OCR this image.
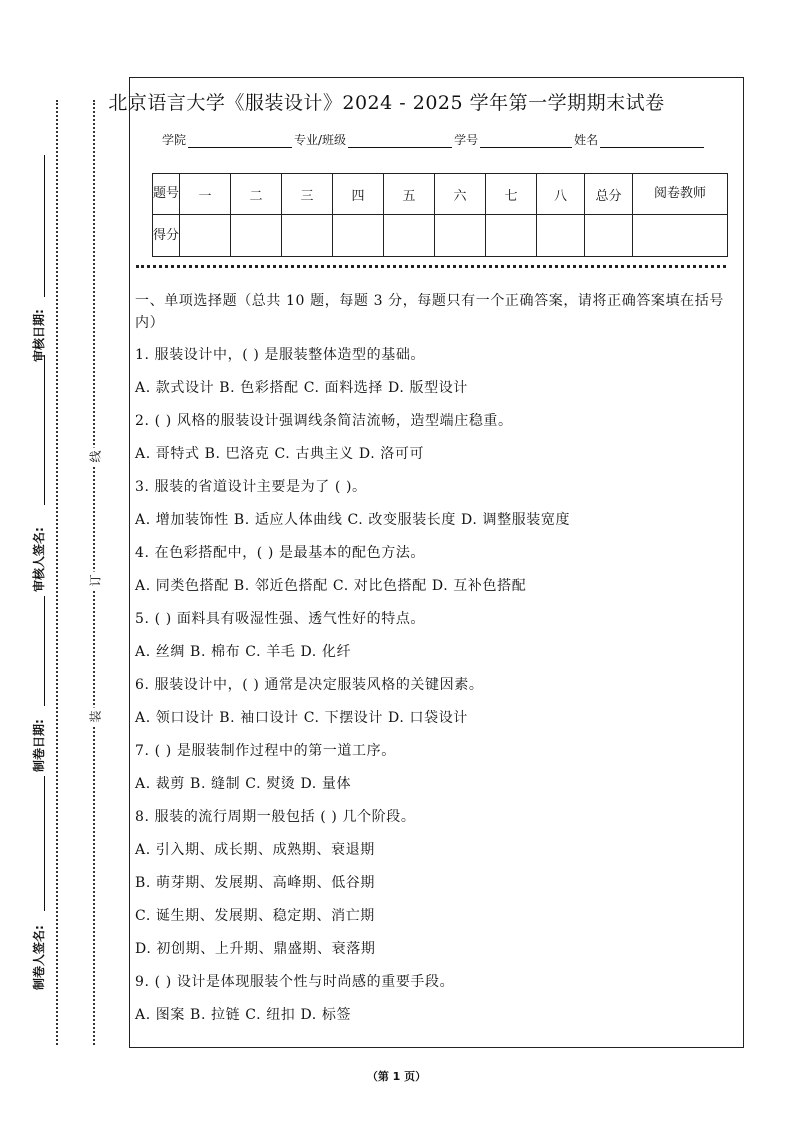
审核日期:
审核人签名:
制卷日期:
制卷人签名:
线
订
装
北京语言大学《服装设计》2024 - 2025 学年第一学期期末试卷
学院	专业/班级	学号	姓名
题号	一	二	三	四	五	六	七	八	总分	阅卷教师
得分										

一、单项选择题（总共 10 题，每题 3 分，每题只有一个正确答案，请将正确答案填在括号内）

1. 服装设计中，( ) 是服装整体造型的基础。

A. 款式设计 B. 色彩搭配 C. 面料选择 D. 版型设计

2. ( ) 风格的服装设计强调线条简洁流畅，造型端庄稳重。

A. 哥特式 B. 巴洛克 C. 古典主义 D. 洛可可

3. 服装的省道设计主要是为了 ( )。

A. 增加装饰性 B. 适应人体曲线 C. 改变服装长度 D. 调整服装宽度

4. 在色彩搭配中，( ) 是最基本的配色方法。

A. 同类色搭配 B. 邻近色搭配 C. 对比色搭配 D. 互补色搭配

5. ( ) 面料具有吸湿性强、透气性好的特点。

A. 丝绸 B. 棉布 C. 羊毛 D. 化纤

6. 服装设计中，( ) 通常是决定服装风格的关键因素。

A. 领口设计 B. 袖口设计 C. 下摆设计 D. 口袋设计

7. ( ) 是服装制作过程中的第一道工序。

A. 裁剪 B. 缝制 C. 熨烫 D. 量体

8. 服装的流行周期一般包括 ( ) 几个阶段。

A. 引入期、成长期、成熟期、衰退期

B. 萌芽期、发展期、高峰期、低谷期

C. 诞生期、发展期、稳定期、消亡期

D. 初创期、上升期、鼎盛期、衰落期

9. ( ) 设计是体现服装个性与时尚感的重要手段。

A. 图案 B. 拉链 C. 纽扣 D. 标签

（第 1 页）
